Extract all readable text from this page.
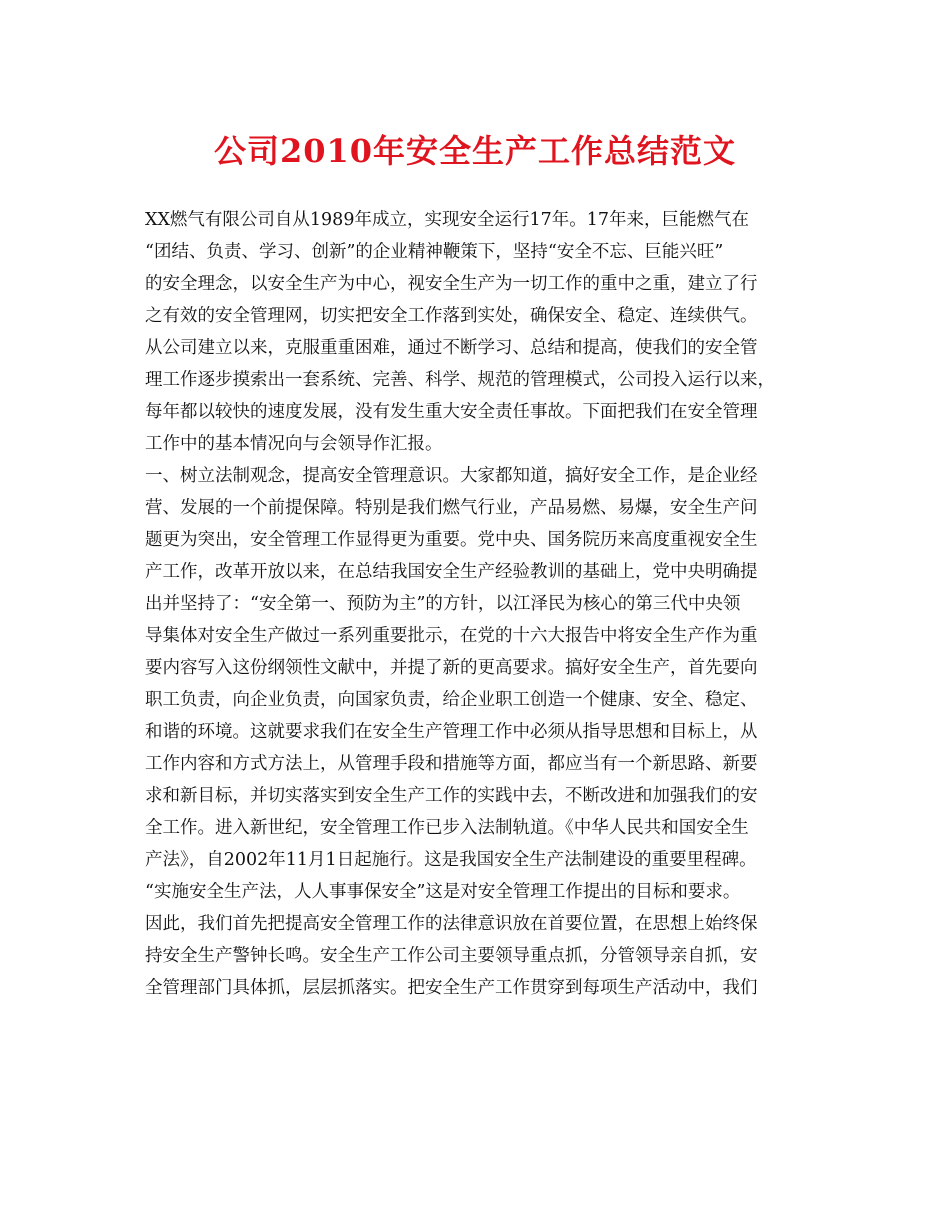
公司2010年安全生产工作总结范文
XX燃气有限公司自从1989年成立，实现安全运行17年。17年来，巨能燃气在
“团结、负责、学习、创新”的企业精神鞭策下，坚持“安全不忘、巨能兴旺”
的安全理念，以安全生产为中心，视安全生产为一切工作的重中之重，建立了行
之有效的安全管理网，切实把安全工作落到实处，确保安全、稳定、连续供气。
从公司建立以来，克服重重困难，通过不断学习、总结和提高，使我们的安全管
理工作逐步摸索出一套系统、完善、科学、规范的管理模式，公司投入运行以来，
每年都以较快的速度发展，没有发生重大安全责任事故。下面把我们在安全管理
工作中的基本情况向与会领导作汇报。
一、树立法制观念，提高安全管理意识。大家都知道，搞好安全工作，是企业经
营、发展的一个前提保障。特别是我们燃气行业，产品易燃、易爆，安全生产问
题更为突出，安全管理工作显得更为重要。党中央、国务院历来高度重视安全生
产工作，改革开放以来，在总结我国安全生产经验教训的基础上，党中央明确提
出并坚持了：“安全第一、预防为主”的方针，以江泽民为核心的第三代中央领
导集体对安全生产做过一系列重要批示，在党的十六大报告中将安全生产作为重
要内容写入这份纲领性文献中，并提了新的更高要求。搞好安全生产，首先要向
职工负责，向企业负责，向国家负责，给企业职工创造一个健康、安全、稳定、
和谐的环境。这就要求我们在安全生产管理工作中必须从指导思想和目标上，从
工作内容和方式方法上，从管理手段和措施等方面，都应当有一个新思路、新要
求和新目标，并切实落实到安全生产工作的实践中去，不断改进和加强我们的安
全工作。进入新世纪，安全管理工作已步入法制轨道。《中华人民共和国安全生
产法》，自2002年11月1日起施行。这是我国安全生产法制建设的重要里程碑。
“实施安全生产法，人人事事保安全”这是对安全管理工作提出的目标和要求。
因此，我们首先把提高安全管理工作的法律意识放在首要位置，在思想上始终保
持安全生产警钟长鸣。安全生产工作公司主要领导重点抓，分管领导亲自抓，安
全管理部门具体抓，层层抓落实。把安全生产工作贯穿到每项生产活动中，我们
